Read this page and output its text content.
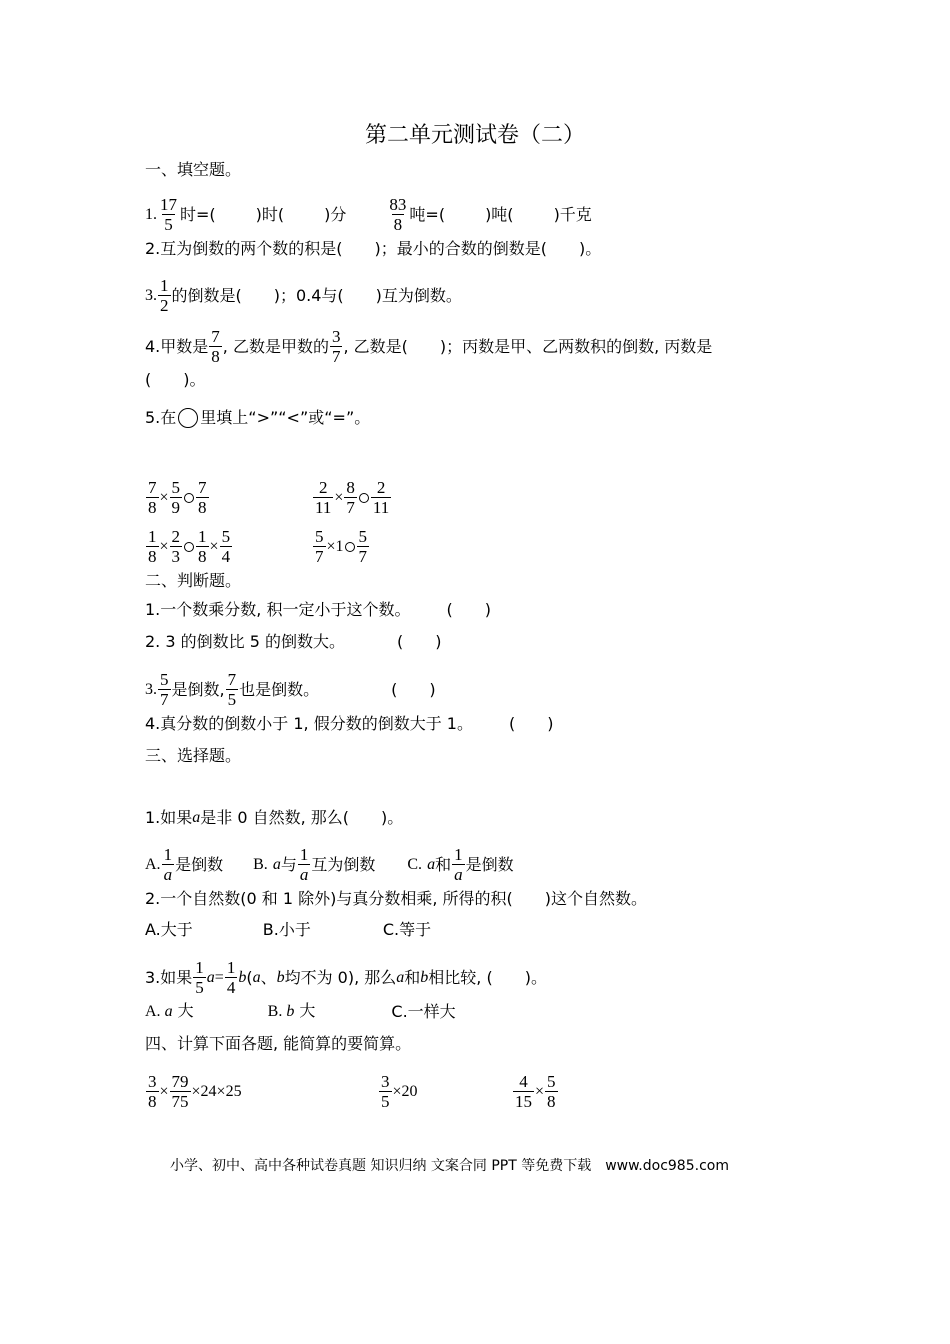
第二单元测试卷（二）
一、填空题。
1. $\frac{17}{5}$ 时=(	)时(	)分 $\frac{83}{8}$ 吨=(	)吨(	)千克
2.互为倒数的两个数的积是(　　)；最小的合数的倒数是(　　)。
3. $\frac{1}{2}$ 的倒数是(　　)；0.4与(　　)互为倒数。
4.甲数是 $\frac{7}{8}$ , 乙数是甲数的 $\frac{3}{7}$ , 乙数是(　　)；丙数是甲、乙两数积的倒数, 丙数是
(　　)。
5.在 里填上“>”“<”或“=”。
$\frac{7}{8} \times \frac{5}{9} \frac{7}{8}$	$\frac{2}{11} \times \frac{8}{7} \frac{2}{11}$
$\frac{1}{8} \times \frac{2}{3} \frac{1}{8} \times \frac{5}{4}$	$\frac{5}{7} \times 1 \frac{5}{7}$
二、判断题。
1.一个数乘分数, 积一定小于这个数。 (　　)
2. 3 的倒数比 5 的倒数大。	(　　)
3. $\frac{5}{7}$ 是倒数, $\frac{7}{5}$ 也是倒数。	(　　)
4.真分数的倒数小于 1, 假分数的倒数大于 1。 (　　)
三、选择题。
1.如果 a 是非 0 自然数, 那么(　　)。
A. $\frac{1}{a}$ 是倒数 B.
a 与 $\frac{1}{a}$ 互为倒数 C.
a 和 $\frac{1}{a}$ 是倒数
2.一个自然数(0 和 1 除外)与真分数相乘, 所得的积(　　)这个自然数。
A.大于	B.小于	C.等于
3.如果 $\frac{1}{5}$ $a = \frac{1}{4}$ b ( a 、 b 均不为 0), 那么 a 和 b 相比较, (　　)。
A. a 大	B. b 大	C.一样大
四、计算下面各题, 能简算的要简算。
$\frac{3}{8} \times \frac{79}{75} \times 24\times 25$	$\frac{3}{5} \times 20$	$\frac{4}{15} \times \frac{5}{8}$
小学、初中、高中各种试卷真题 知识归纳 文案合同 PPT 等免费下载　www.doc985.com
